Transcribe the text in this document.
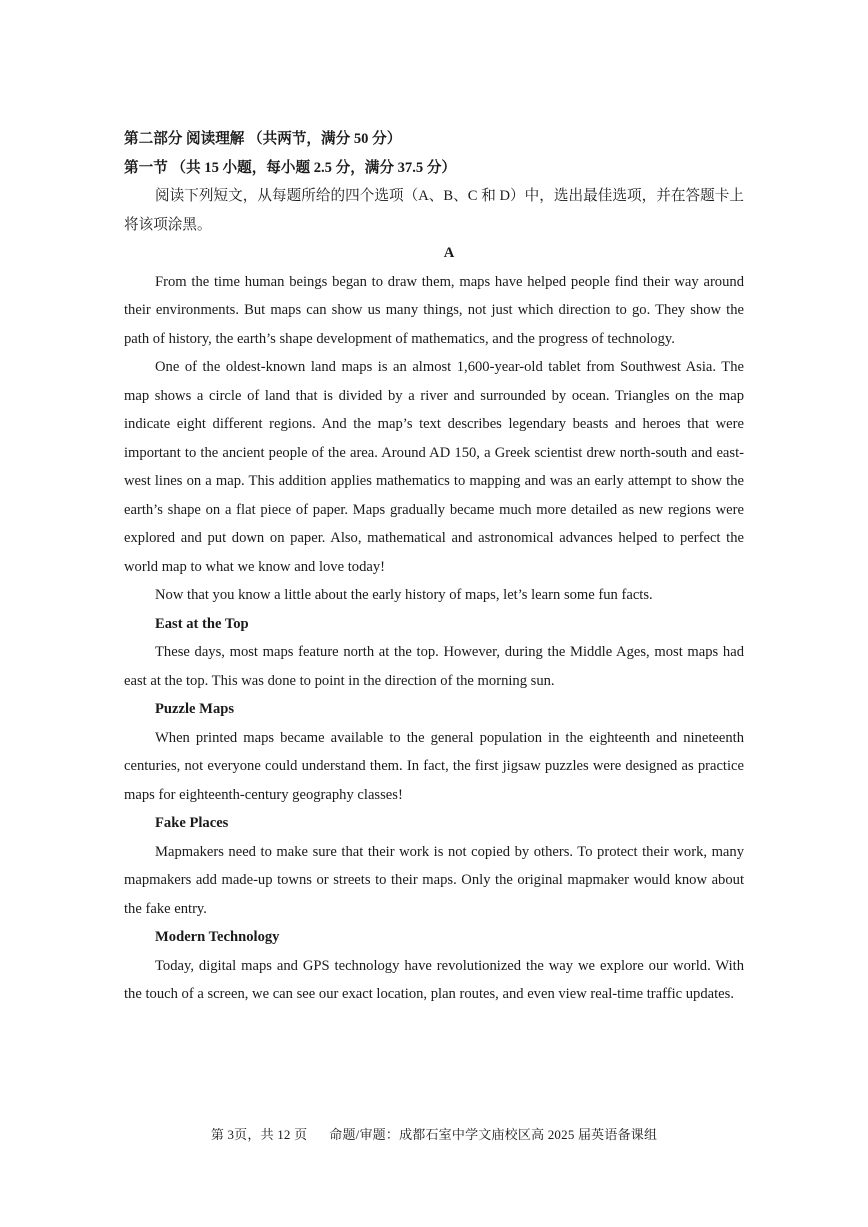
第二部分 阅读理解 （共两节，满分 50 分）

第一节 （共 15 小题，每小题 2.5 分，满分 37.5 分）

阅读下列短文，从每题所给的四个选项（A、B、C 和 D）中，选出最佳选项，并在答题卡上将该项涂黑。

A

From the time human beings began to draw them, maps have helped people find their way around their environments. But maps can show us many things, not just which direction to go. They show the path of history, the earth’s shape development of mathematics, and the progress of technology.

One of the oldest-known land maps is an almost 1,600-year-old tablet from Southwest Asia. The map shows a circle of land that is divided by a river and surrounded by ocean. Triangles on the map indicate eight different regions. And the map’s text describes legendary beasts and heroes that were important to the ancient people of the area. Around AD 150, a Greek scientist drew north-south and east-west lines on a map. This addition applies mathematics to mapping and was an early attempt to show the earth’s shape on a flat piece of paper. Maps gradually became much more detailed as new regions were explored and put down on paper. Also, mathematical and astronomical advances helped to perfect the world map to what we know and love today!

Now that you know a little about the early history of maps, let’s learn some fun facts.

East at the Top

These days, most maps feature north at the top. However, during the Middle Ages, most maps had east at the top. This was done to point in the direction of the morning sun.

Puzzle Maps

When printed maps became available to the general population in the eighteenth and nineteenth centuries, not everyone could understand them. In fact, the first jigsaw puzzles were designed as practice maps for eighteenth-century geography classes!

Fake Places

Mapmakers need to make sure that their work is not copied by others. To protect their work, many mapmakers add made-up towns or streets to their maps. Only the original mapmaker would know about the fake entry.

Modern Technology

Today, digital maps and GPS technology have revolutionized the way we explore our world. With the touch of a screen, we can see our exact location, plan routes, and even view real-time traffic updates.

第 3页，共 12 页 命题/审题：成都石室中学文庙校区高 2025 届英语备课组
